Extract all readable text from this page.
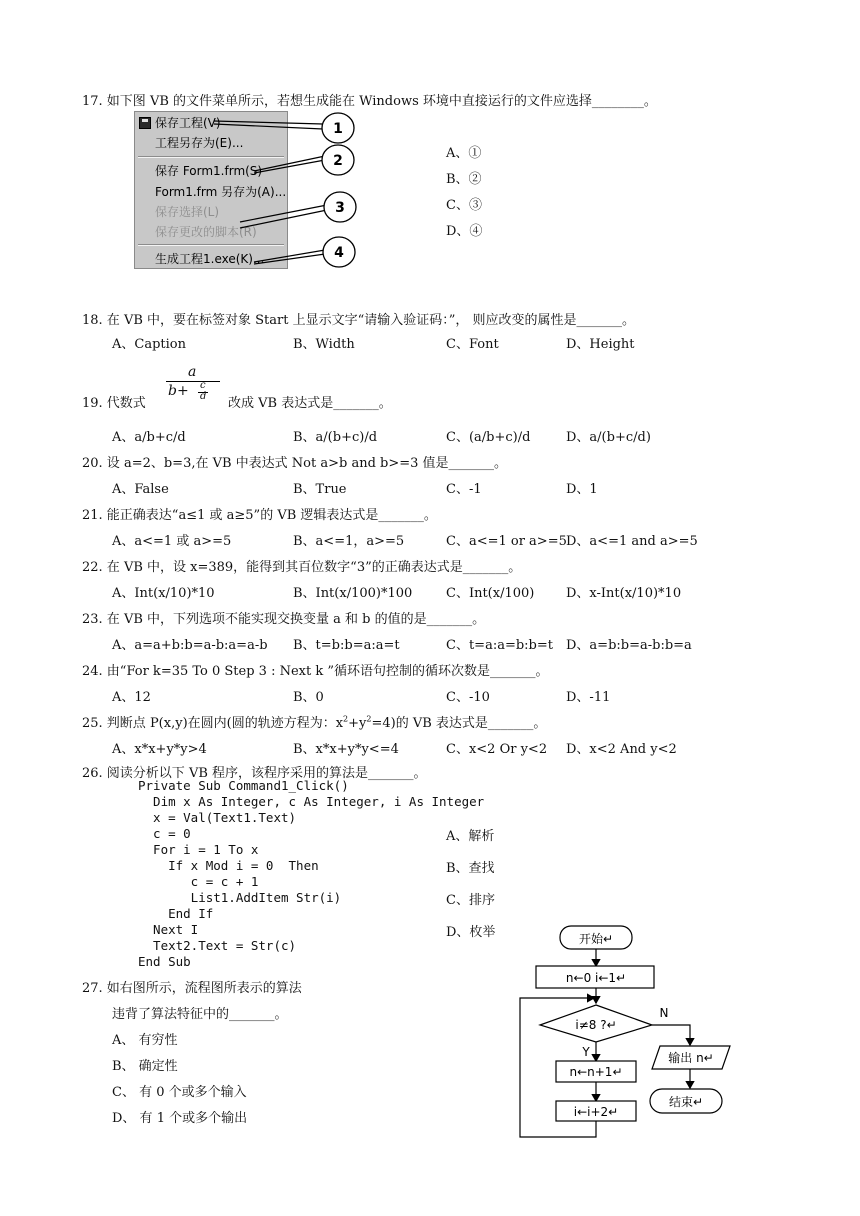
17. 如下图 VB 的文件菜单所示，若想生成能在 Windows 环境中直接运行的文件应选择________。
保存工程(V)
工程另存为(E)...
保存 Form1.frm(S)
Form1.frm 另存为(A)...
保存选择(L)
保存更改的脚本(R)
生成工程1.exe(K)...
1
2
3
4
A、①
B、②
C、③
D、④
18. 在 VB 中，要在标签对象 Start 上显示文字“请输入验证码：”， 则应改变的属性是_______。
A、Caption	B、Width	C、Font	D、Height
19. 代数式
a
b+ c
d 改成 VB 表达式是_______。
A、a/b+c/d	B、a/(b+c)/d	C、(a/b+c)/d	D、a/(b+c/d)
20. 设 a=2、b=3,在 VB 中表达式 Not a>b and b>=3 值是_______。
A、False	B、True	C、-1	D、1
21. 能正确表达“a≤1 或 a≥5”的 VB 逻辑表达式是_______。
A、a<=1 或 a>=5	B、a<=1，a>=5	C、a<=1 or a>=5 D、a<=1 and a>=5
22. 在 VB 中，设 x=389，能得到其百位数字“3”的正确表达式是_______。
A、Int(x/10)*10	B、Int(x/100)*100	C、Int(x/100) D、x-Int(x/10)*10
23. 在 VB 中，下列选项不能实现交换变量 a 和 b 的值的是_______。
A、a=a+b:b=a-b:a=a-b B、t=b:b=a:a=t	C、t=a:a=b:b=t D、a=b:b=a-b:b=a
24. 由“For k=35 To 0 Step 3 : Next k ”循环语句控制的循环次数是_______。
A、12	B、0	C、-10	D、-11
25. 判断点 P(x,y)在圆内(圆的轨迹方程为：$x^2+y^2=4$)的 VB 表达式是_______。
A、x*x+y*y>4	B、x*x+y*y<=4	C、x<2 Or y<2 D、x<2 And y<2
26. 阅读分析以下 VB 程序，该程序采用的算法是_______。
Private Sub Command1_Click()
Dim x As Integer, c As Integer, i As Integer
x = Val(Text1.Text)
c = 0
For i = 1 To x
If x Mod i = 0  Then
c = c + 1
List1.AddItem Str(i)
End If
Next I
Text2.Text = Str(c)
End Sub
A、解析
B、查找
C、排序
D、枚举
27. 如右图所示，流程图所表示的算法
违背了算法特征中的_______。
A、 有穷性
B、 确定性
C、 有 0 个或多个输入
D、 有 1 个或多个输出
开始↵
n←0 i←1↵
i≠8 ?↵
Y
N
n←n+1↵
i←i+2↵
输出 n↵
结束↵
